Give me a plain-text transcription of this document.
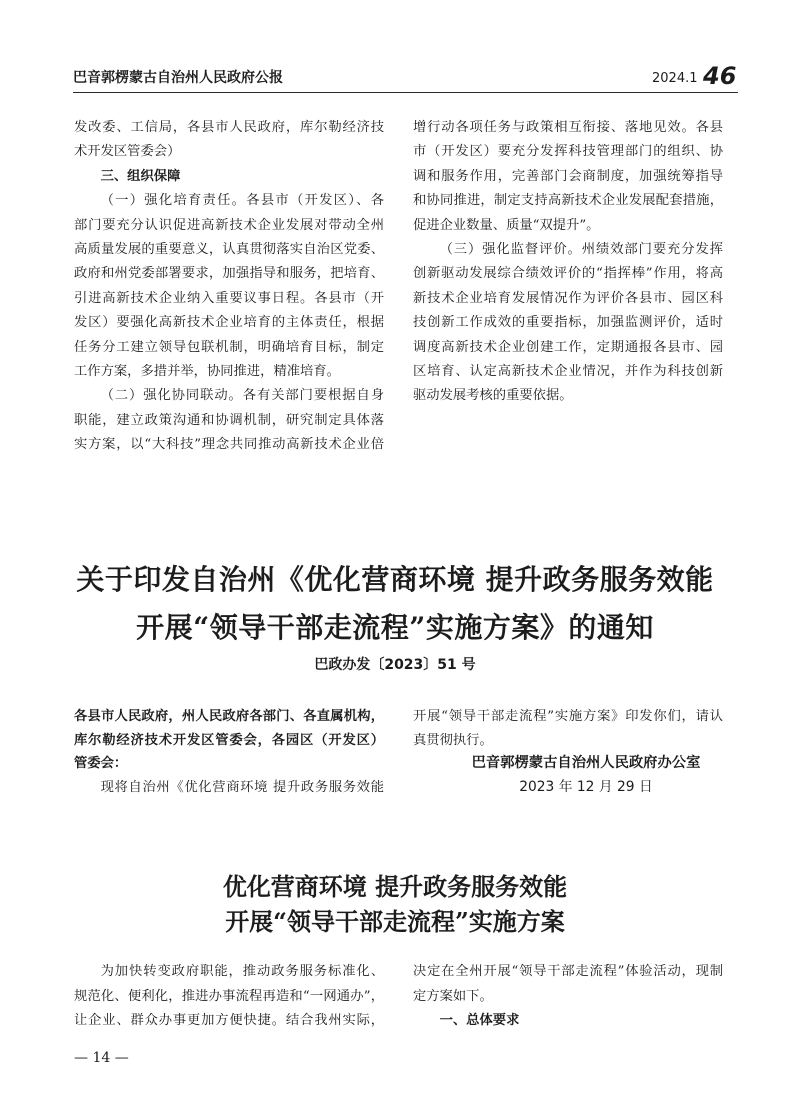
巴音郭楞蒙古自治州人民政府公报	2024.1 46
发改委、工信局，各县市人民政府，库尔勒经济技
术开发区管委会）
三、组织保障
（一）强化培育责任。各县市（开发区）、各
部门要充分认识促进高新技术企业发展对带动全州
高质量发展的重要意义，认真贯彻落实自治区党委、
政府和州党委部署要求，加强指导和服务，把培育、
引进高新技术企业纳入重要议事日程。各县市（开
发区）要强化高新技术企业培育的主体责任，根据
任务分工建立领导包联机制，明确培育目标，制定
工作方案，多措并举，协同推进，精准培育。
（二）强化协同联动。各有关部门要根据自身
职能，建立政策沟通和协调机制，研究制定具体落
实方案，以“大科技”理念共同推动高新技术企业倍
增行动各项任务与政策相互衔接、落地见效。各县
市（开发区）要充分发挥科技管理部门的组织、协
调和服务作用，完善部门会商制度，加强统筹指导
和协同推进，制定支持高新技术企业发展配套措施，
促进企业数量、质量“双提升”。
（三）强化监督评价。州绩效部门要充分发挥
创新驱动发展综合绩效评价的“指挥棒”作用，将高
新技术企业培育发展情况作为评价各县市、园区科
技创新工作成效的重要指标，加强监测评价，适时
调度高新技术企业创建工作，定期通报各县市、园
区培育、认定高新技术企业情况，并作为科技创新
驱动发展考核的重要依据。
关于印发自治州《优化营商环境 提升政务服务效能
开展“领导干部走流程”实施方案》的通知
巴政办发〔2023〕51 号
各县市人民政府，州人民政府各部门、各直属机构，
库尔勒经济技术开发区管委会，各园区（开发区）
管委会：
现将自治州《优化营商环境 提升政务服务效能
开展“领导干部走流程”实施方案》印发你们，请认
真贯彻执行。
巴音郭楞蒙古自治州人民政府办公室
2023 年 12 月 29 日
优化营商环境 提升政务服务效能
开展“领导干部走流程”实施方案
为加快转变政府职能，推动政务服务标准化、
规范化、便利化，推进办事流程再造和“一网通办”，
让企业、群众办事更加方便快捷。结合我州实际，
决定在全州开展“领导干部走流程”体验活动，现制
定方案如下。
一、总体要求
— 14 —
